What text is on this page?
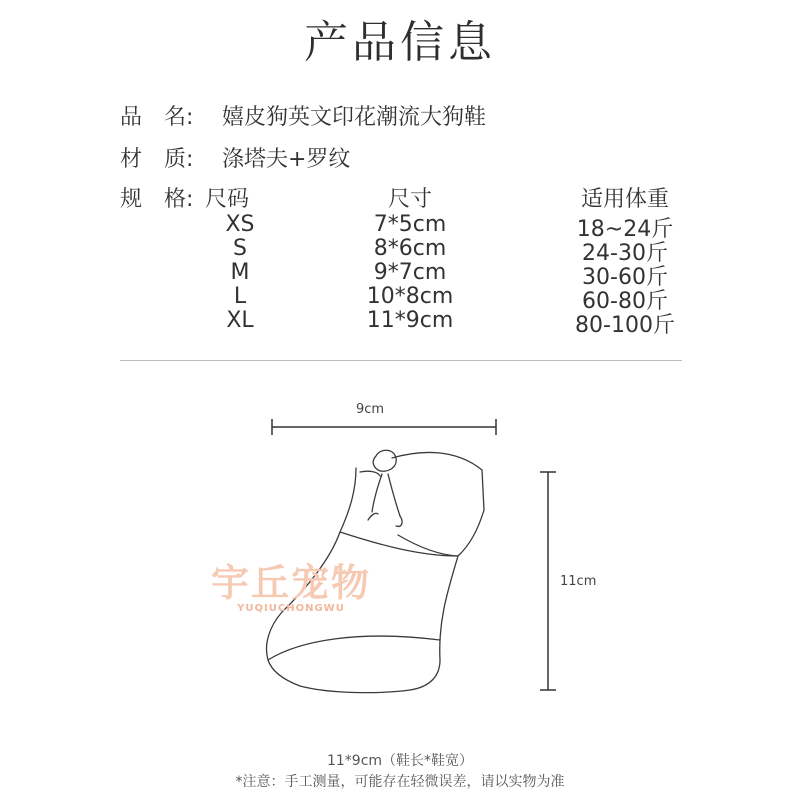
产品信息
品　名: 嬉皮狗英文印花潮流大狗鞋
材　质: 涤塔夫+罗纹
规　格: 尺码	尺寸	适用体重
XS	7*5cm	18~24斤
S	8*6cm	24-30斤
M	9*7cm	30-60斤
L	10*8cm	60-80斤
XL	11*9cm	80-100斤
9cm
11cm
宇丘宠物
YUQIUCHONGWU
11*9cm（鞋长*鞋宽）
*注意：手工测量，可能存在轻微误差，请以实物为准
